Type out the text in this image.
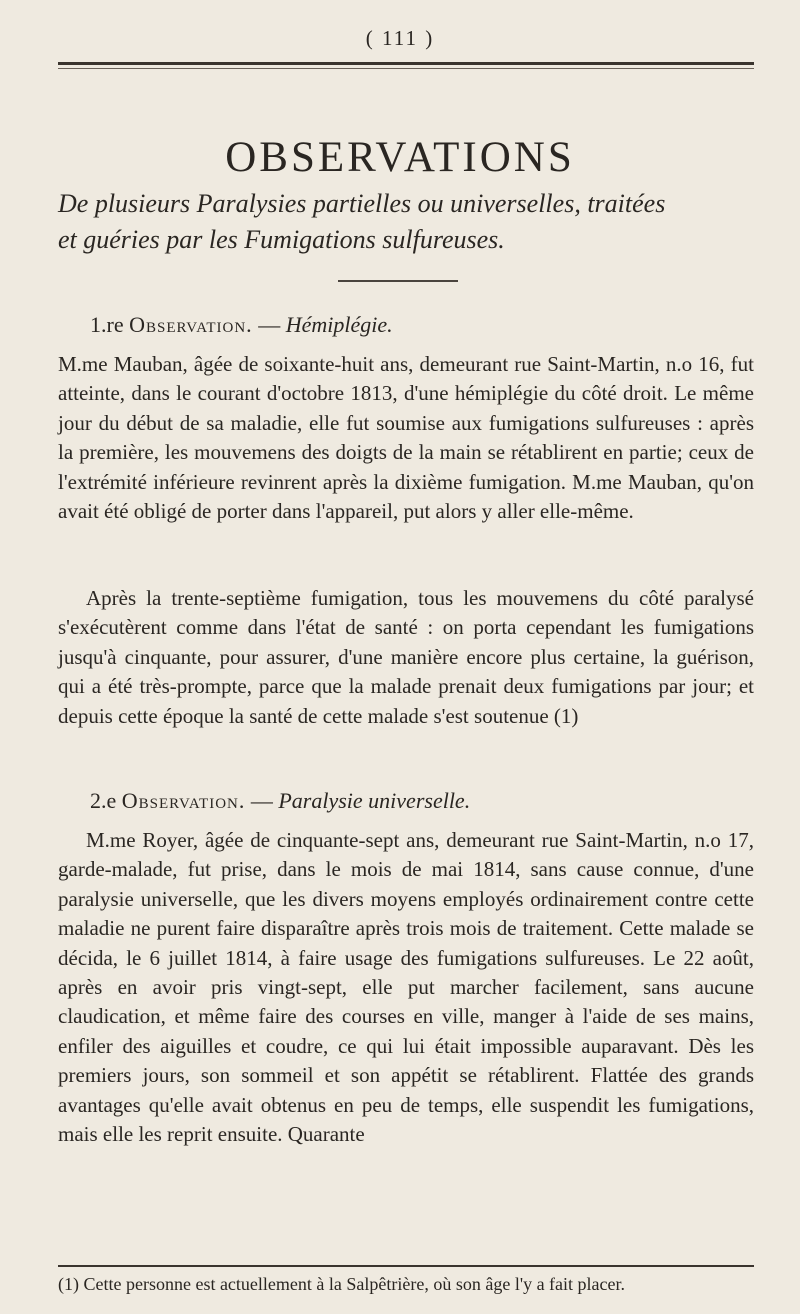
( 111 )
OBSERVATIONS
De plusieurs Paralysies partielles ou universelles, traitées
et guéries par les Fumigations sulfureuses.
1.re Observation. — Hémiplégie.

M.me Mauban, âgée de soixante-huit ans, demeurant rue Saint-Martin, n.o 16, fut atteinte, dans le courant d'octobre 1813, d'une hémiplégie du côté droit. Le même jour du début de sa maladie, elle fut soumise aux fumigations sulfureuses : après la première, les mouvemens des doigts de la main se rétablirent en partie; ceux de l'extrémité inférieure revinrent après la dixième fumigation. M.me Mauban, qu'on avait été obligé de porter dans l'appareil, put alors y aller elle-même.

Après la trente-septième fumigation, tous les mouvemens du côté paralysé s'exécutèrent comme dans l'état de santé : on porta cependant les fumigations jusqu'à cinquante, pour assurer, d'une manière encore plus certaine, la guérison, qui a été très-prompte, parce que la malade prenait deux fumigations par jour; et depuis cette époque la santé de cette malade s'est soutenue (1)

2.e Observation. — Paralysie universelle.

M.me Royer, âgée de cinquante-sept ans, demeurant rue Saint-Martin, n.o 17, garde-malade, fut prise, dans le mois de mai 1814, sans cause connue, d'une paralysie universelle, que les divers moyens employés ordinairement contre cette maladie ne purent faire disparaître après trois mois de traitement. Cette malade se décida, le 6 juillet 1814, à faire usage des fumigations sulfureuses. Le 22 août, après en avoir pris vingt-sept, elle put marcher facilement, sans aucune claudication, et même faire des courses en ville, manger à l'aide de ses mains, enfiler des aiguilles et coudre, ce qui lui était impossible auparavant. Dès les premiers jours, son sommeil et son appétit se rétablirent. Flattée des grands avantages qu'elle avait obtenus en peu de temps, elle suspendit les fumigations, mais elle les reprit ensuite. Quarante

(1) Cette personne est actuellement à la Salpêtrière, où son âge l'y a fait placer.
